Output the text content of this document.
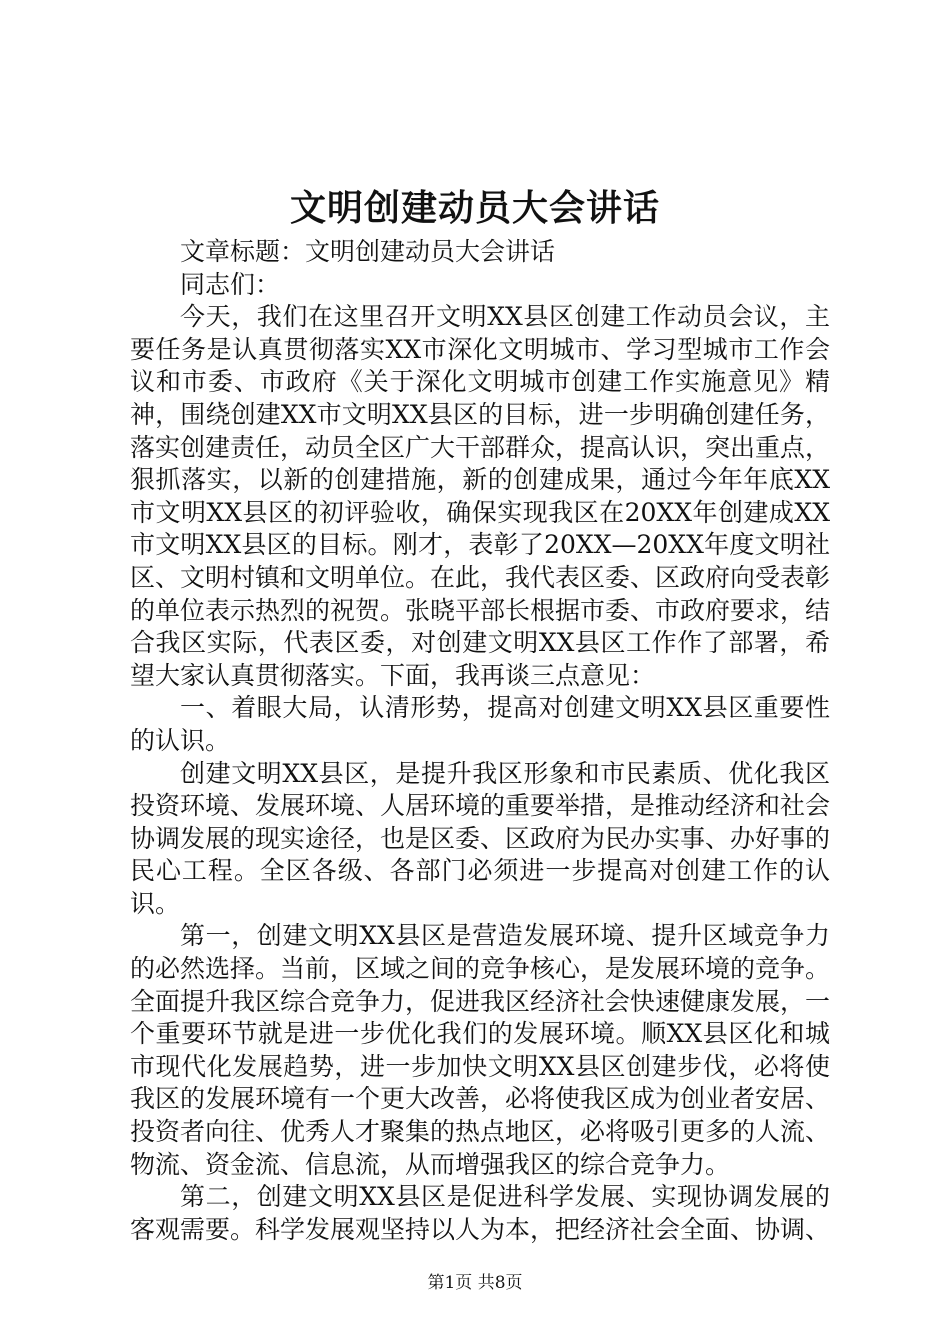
文明创建动员大会讲话

文章标题：文明创建动员大会讲话

同志们：

今天，我们在这里召开文明XX县区创建工作动员会议，主要任务是认真贯彻落实XX市深化文明城市、学习型城市工作会议和市委、市政府《关于深化文明城市创建工作实施意见》精神，围绕创建XX市文明XX县区的目标，进一步明确创建任务，落实创建责任，动员全区广大干部群众，提高认识，突出重点，狠抓落实，以新的创建措施，新的创建成果，通过今年年底XX市文明XX县区的初评验收，确保实现我区在20XX年创建成XX市文明XX县区的目标。刚才，表彰了20XX—20XX年度文明社区、文明村镇和文明单位。在此，我代表区委、区政府向受表彰的单位表示热烈的祝贺。张晓平部长根据市委、市政府要求，结合我区实际，代表区委，对创建文明XX县区工作作了部署，希望大家认真贯彻落实。下面，我再谈三点意见：

一、着眼大局，认清形势，提高对创建文明XX县区重要性的认识。

创建文明XX县区，是提升我区形象和市民素质、优化我区投资环境、发展环境、人居环境的重要举措，是推动经济和社会协调发展的现实途径，也是区委、区政府为民办实事、办好事的民心工程。全区各级、各部门必须进一步提高对创建工作的认识。

第一，创建文明XX县区是营造发展环境、提升区域竞争力的必然选择。当前，区域之间的竞争核心，是发展环境的竞争。全面提升我区综合竞争力，促进我区经济社会快速健康发展，一个重要环节就是进一步优化我们的发展环境。顺XX县区化和城市现代化发展趋势，进一步加快文明XX县区创建步伐，必将使我区的发展环境有一个更大改善，必将使我区成为创业者安居、投资者向往、优秀人才聚集的热点地区，必将吸引更多的人流、物流、资金流、信息流，从而增强我区的综合竞争力。

第二，创建文明XX县区是促进科学发展、实现协调发展的客观需要。科学发展观坚持以人为本，把经济社会全面、协调、

第1页 共8页
